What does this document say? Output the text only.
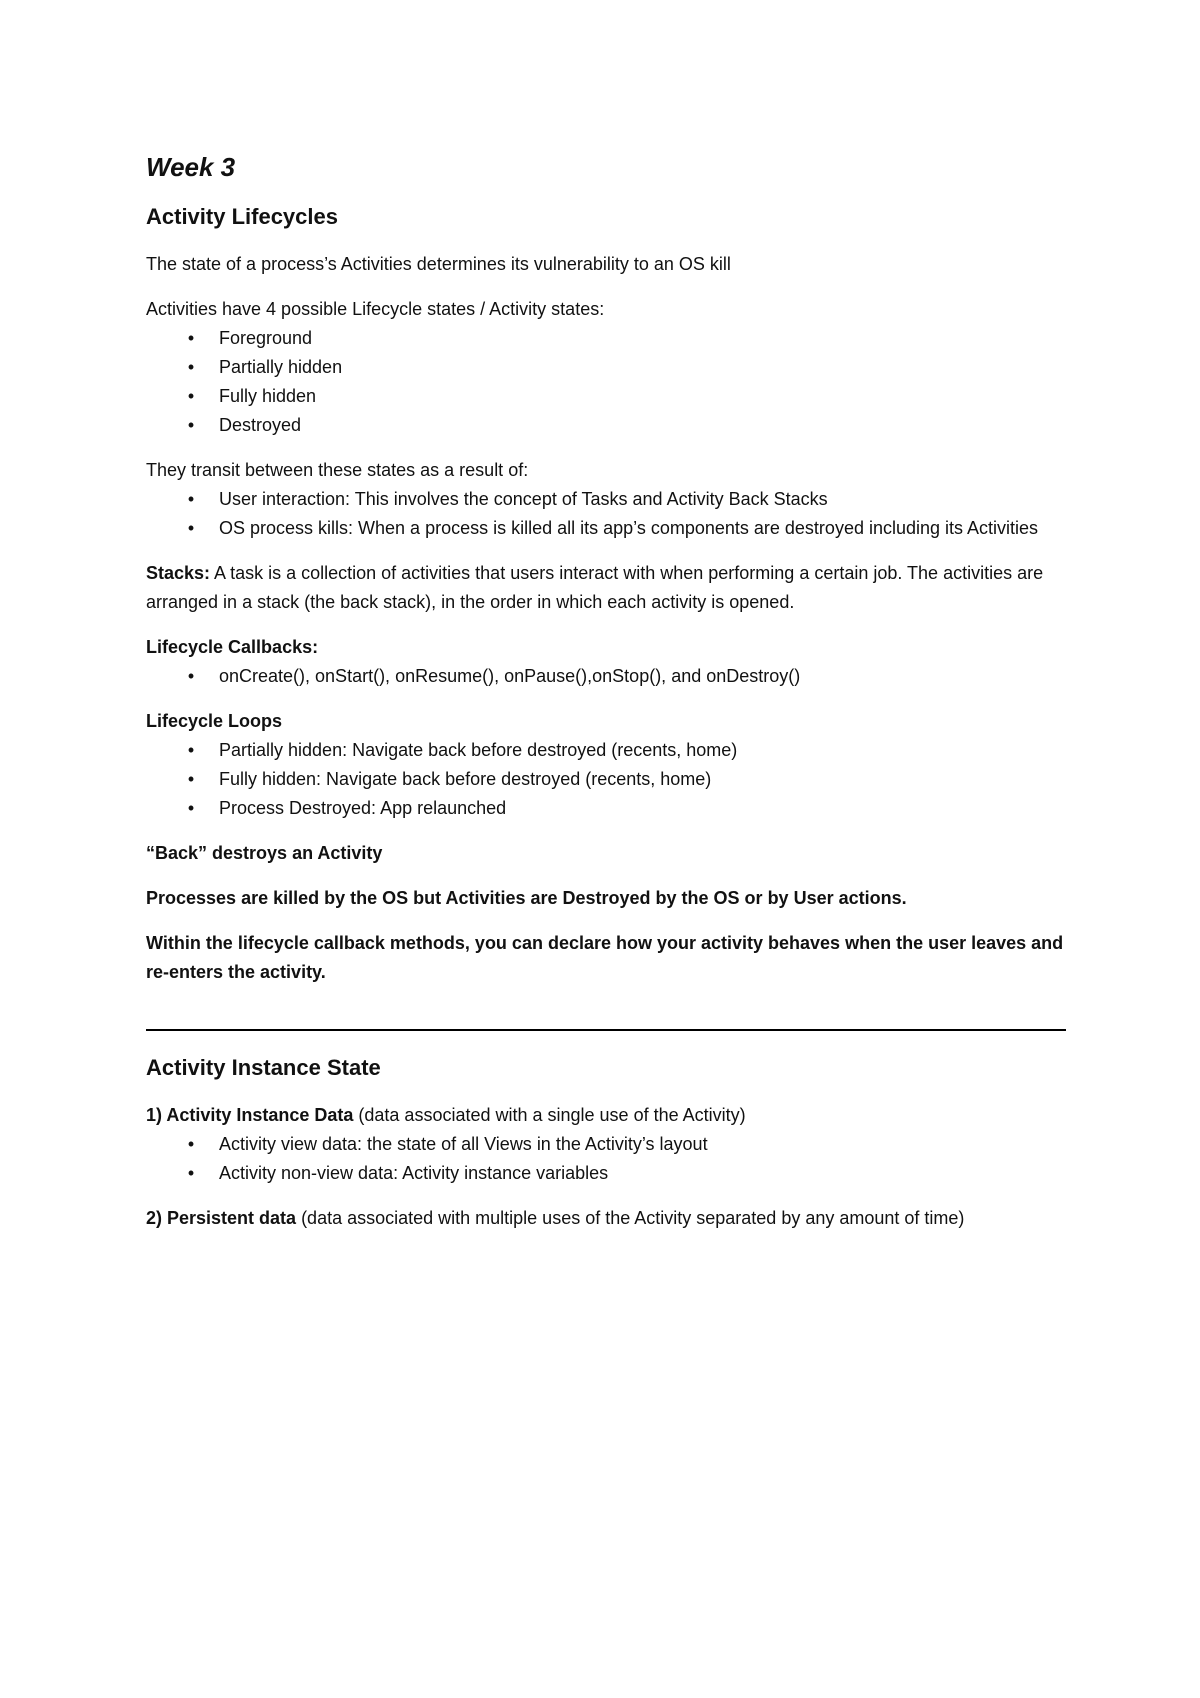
Week 3
Activity Lifecycles
The state of a process’s Activities determines its vulnerability to an OS kill
Activities have 4 possible Lifecycle states / Activity states:
• Foreground
• Partially hidden
• Fully hidden
• Destroyed
They transit between these states as a result of:
• User interaction: This involves the concept of Tasks and Activity Back Stacks
• OS process kills: When a process is killed all its app’s components are destroyed including its Activities
Stacks: A task is a collection of activities that users interact with when performing a certain job. The activities are arranged in a stack (the back stack), in the order in which each activity is opened.
Lifecycle Callbacks:
• onCreate(), onStart(), onResume(), onPause(),onStop(), and onDestroy()
Lifecycle Loops
• Partially hidden: Navigate back before destroyed (recents, home)
• Fully hidden: Navigate back before destroyed (recents, home)
• Process Destroyed: App relaunched
“Back” destroys an Activity
Processes are killed by the OS but Activities are Destroyed by the OS or by User actions.
Within the lifecycle callback methods, you can declare how your activity behaves when the user leaves and re-enters the activity.
Activity Instance State
1) Activity Instance Data (data associated with a single use of the Activity)
• Activity view data: the state of all Views in the Activity’s layout
• Activity non-view data: Activity instance variables
2) Persistent data (data associated with multiple uses of the Activity separated by any amount of time)
